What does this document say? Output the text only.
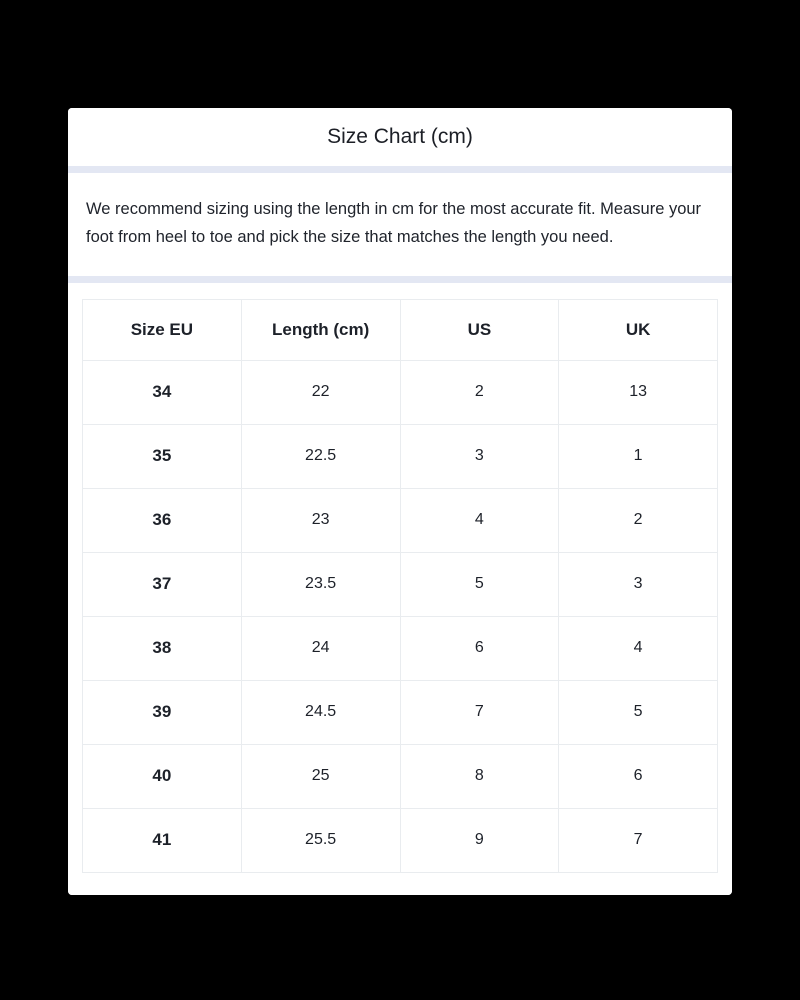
Size Chart (cm)
We recommend sizing using the length in cm for the most accurate fit. Measure your foot from heel to toe and pick the size that matches the length you need.
Size EU	Length (cm)	US	UK
34	22	2	13
35	22.5	3	1
36	23	4	2
37	23.5	5	3
38	24	6	4
39	24.5	7	5
40	25	8	6
41	25.5	9	7
